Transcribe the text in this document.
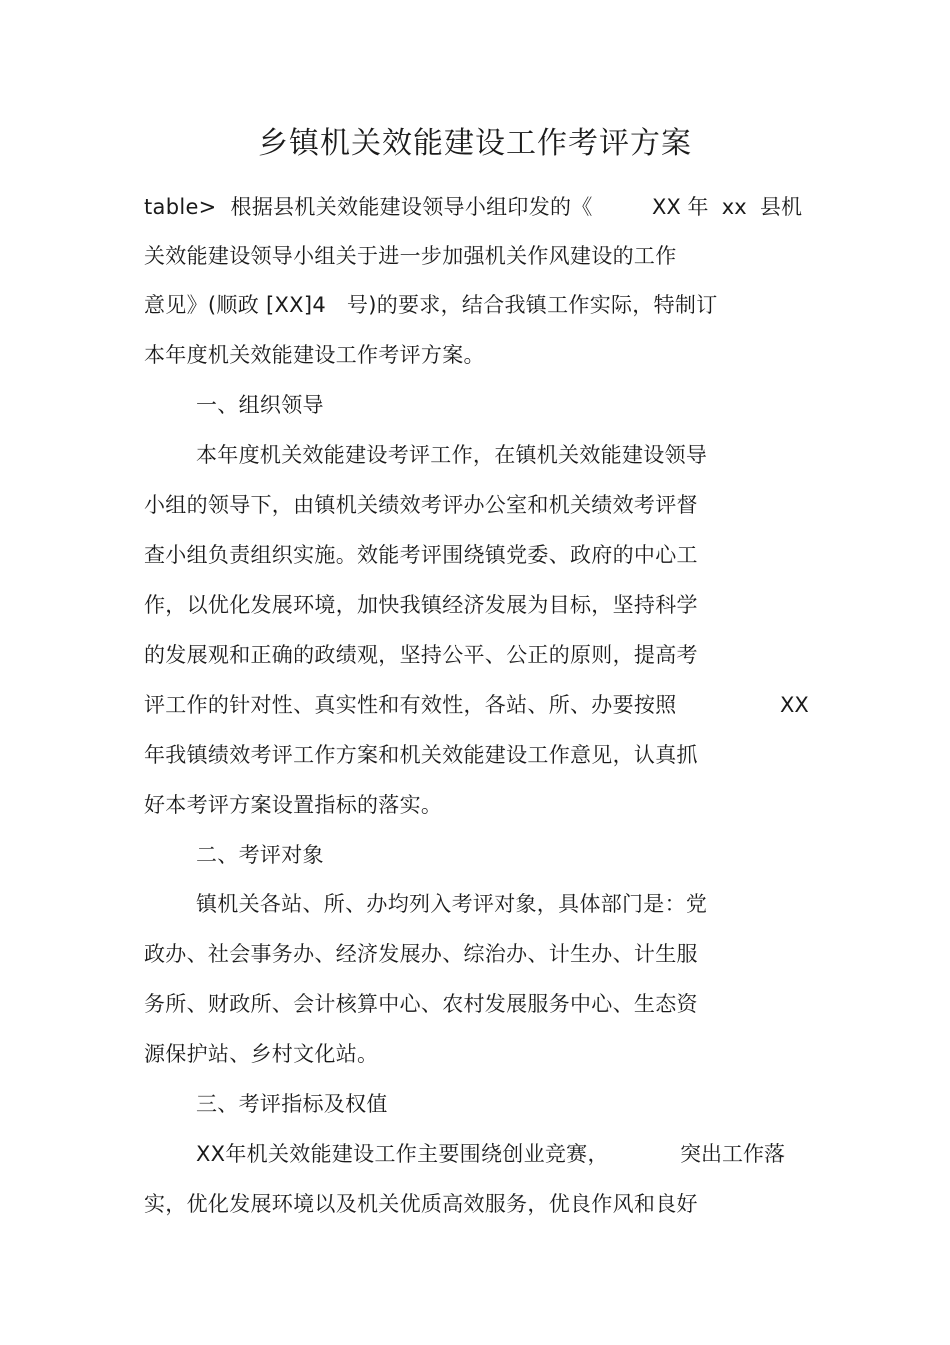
乡镇机关效能建设工作考评方案
table>  根据县机关效能建设领导小组印发的《	XX 年  xx  县机
关效能建设领导小组关于进一步加强机关作风建设的工作
意见》(顺政 [XX]4   号)的要求，结合我镇工作实际，特制订
本年度机关效能建设工作考评方案。
一、组织领导
本年度机关效能建设考评工作，在镇机关效能建设领导
小组的领导下，由镇机关绩效考评办公室和机关绩效考评督
查小组负责组织实施。效能考评围绕镇党委、政府的中心工
作，以优化发展环境，加快我镇经济发展为目标，坚持科学
的发展观和正确的政绩观，坚持公平、公正的原则，提高考
评工作的针对性、真实性和有效性，各站、所、办要按照	XX
年我镇绩效考评工作方案和机关效能建设工作意见，认真抓
好本考评方案设置指标的落实。
二、考评对象
镇机关各站、所、办均列入考评对象，具体部门是：党
政办、社会事务办、经济发展办、综治办、计生办、计生服
务所、财政所、会计核算中心、农村发展服务中心、生态资
源保护站、乡村文化站。
三、考评指标及权值
XX年机关效能建设工作主要围绕创业竞赛，	突出工作落
实，优化发展环境以及机关优质高效服务，优良作风和良好
